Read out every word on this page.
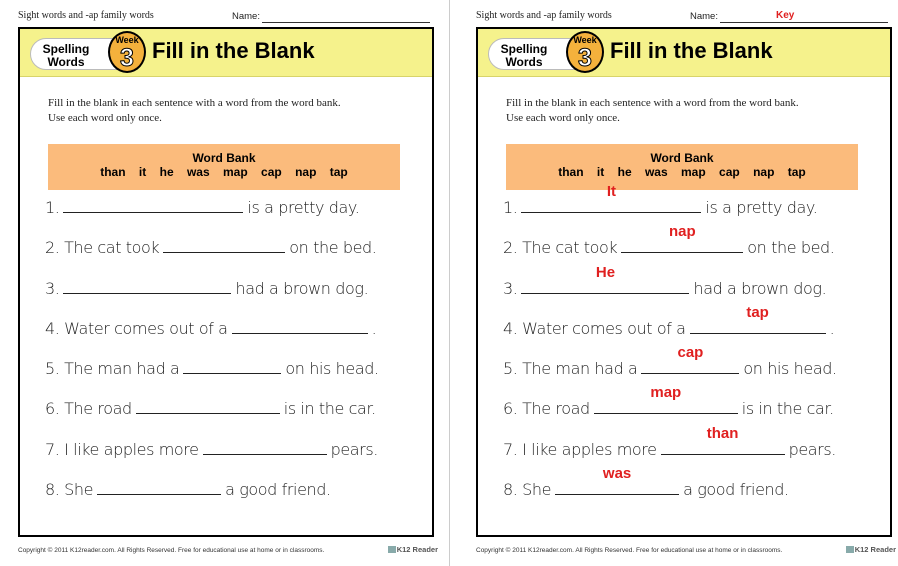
Sight words and -ap family words	Name:
Spelling Words
Week
3 Fill in the Blank
Fill in the blank in each sentence with a word from the word bank.
Use each word only once.
Word Bank
than it he was map cap nap tap
1.	is a pretty day.
2. The cat took	on the bed.
3.	had a brown dog.
4. Water comes out of a	.
5. The man had a	on his head.
6. The road	is in the car.
7. I like apples more	pears.
8. She	a good friend.
Copyright © 2011 K12reader.com. All Rights Reserved. Free for educational use at home or in classrooms.	K12 Reader
Sight words and -ap family words	Name:	Key
Spelling Words
Week
3 Fill in the Blank
Fill in the blank in each sentence with a word from the word bank.
Use each word only once.
Word Bank
than it he was map cap nap tap
1.
It
is a pretty day.
2. The cat took
nap
on the bed.
3.
He
had a brown dog.
4. Water comes out of a
tap
.
5. The man had a
cap
on his head.
6. The road
map
is in the car.
7. I like apples more
than
pears.
8. She
was
a good friend.
Copyright © 2011 K12reader.com. All Rights Reserved. Free for educational use at home or in classrooms.	K12 Reader
